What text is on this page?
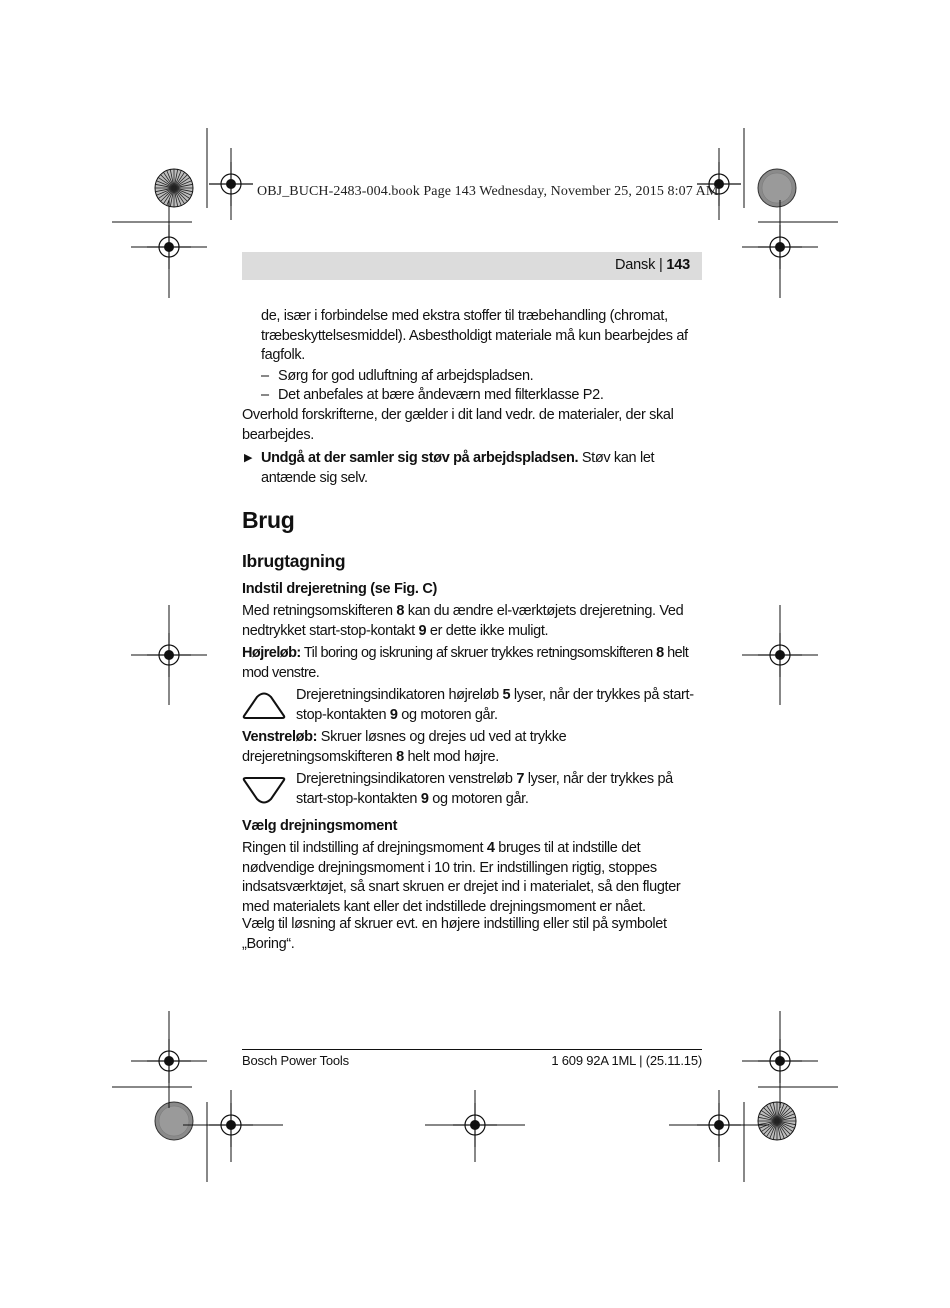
OBJ_BUCH-2483-004.book Page 143 Wednesday, November 25, 2015 8:07 AM
Dansk | 143
de, især i forbindelse med ekstra stoffer til træbehandling (chromat, træbeskyttelsesmiddel). Asbestholdigt materiale må kun bearbejdes af fagfolk.
– Sørg for god udluftning af arbejdspladsen.
– Det anbefales at bære åndeværn med filterklasse P2.
Overhold forskrifterne, der gælder i dit land vedr. de materialer, der skal bearbejdes.
▶ Undgå at der samler sig støv på arbejdspladsen. Støv kan let antænde sig selv.
Brug
Ibrugtagning
Indstil drejeretning (se Fig. C)
Med retningsomskifteren 8 kan du ændre el-værktøjets drejeretning. Ved nedtrykket start-stop-kontakt 9 er dette ikke muligt.
Højreløb: Til boring og iskruning af skruer trykkes retningsomskifteren 8 helt mod venstre.
Drejeretningsindikatoren højreløb 5 lyser, når der trykkes på start-stop-kontakten 9 og motoren går.
Venstreløb: Skruer løsnes og drejes ud ved at trykke drejeretningsomskifteren 8 helt mod højre.
Drejeretningsindikatoren venstreløb 7 lyser, når der trykkes på start-stop-kontakten 9 og motoren går.
Vælg drejningsmoment
Ringen til indstilling af drejningsmoment 4 bruges til at indstille det nødvendige drejningsmoment i 10 trin. Er indstillingen rigtig, stoppes indsatsværktøjet, så snart skruen er drejet ind i materialet, så den flugter med materialets kant eller det indstillede drejningsmoment er nået.
Vælg til løsning af skruer evt. en højere indstilling eller stil på symbolet „Boring“.
Bosch Power Tools	1 609 92A 1ML | (25.11.15)
